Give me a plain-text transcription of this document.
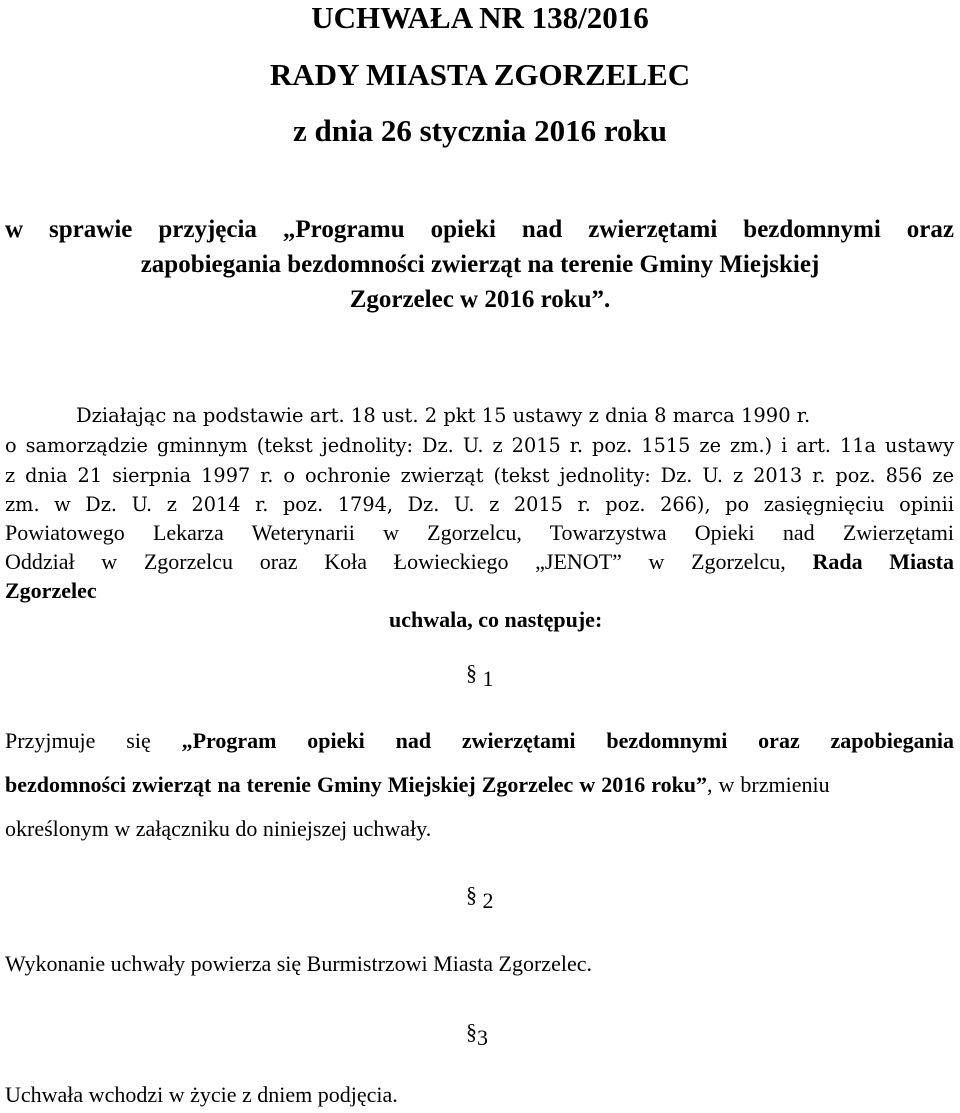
UCHWAŁA NR 138/2016
RADY MIASTA ZGORZELEC
z dnia 26 stycznia 2016 roku
w sprawie przyjęcia „Programu opieki nad zwierzętami bezdomnymi oraz
zapobiegania bezdomności zwierząt na terenie Gminy Miejskiej
Zgorzelec w 2016 roku”.
Działając na podstawie art. 18 ust. 2 pkt 15 ustawy z dnia 8 marca 1990 r.
o samorządzie gminnym (tekst jednolity: Dz. U. z 2015 r. poz. 1515 ze zm.) i art. 11a ustawy
z dnia 21 sierpnia 1997 r. o ochronie zwierząt (tekst jednolity: Dz. U. z 2013 r. poz. 856 ze
zm. w Dz. U. z 2014 r. poz. 1794, Dz. U. z 2015 r. poz. 266), po zasięgnięciu opinii
Powiatowego Lekarza Weterynarii w Zgorzelcu, Towarzystwa Opieki nad Zwierzętami
Oddział w Zgorzelcu oraz Koła Łowieckiego „JENOT” w Zgorzelcu, Rada Miasta
Zgorzelec
uchwala, co następuje:
§ 1
Przyjmuje się „Program opieki nad zwierzętami bezdomnymi oraz zapobiegania
bezdomności zwierząt na terenie Gminy Miejskiej Zgorzelec w 2016 roku”, w brzmieniu
określonym w załączniku do niniejszej uchwały.
§ 2
Wykonanie uchwały powierza się Burmistrzowi Miasta Zgorzelec.
§3
Uchwała wchodzi w życie z dniem podjęcia.
